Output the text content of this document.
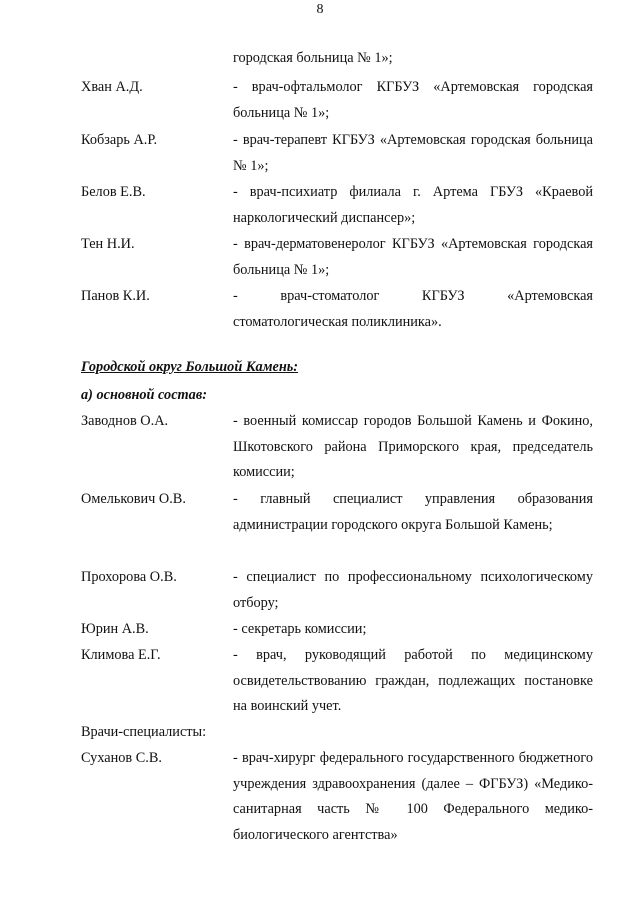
8
городская больница № 1»;
Хван А.Д.	- врач-офтальмолог КГБУЗ «Артемовская городская больница № 1»;
Кобзарь А.Р.	- врач-терапевт КГБУЗ «Артемовская городская больница № 1»;
Белов Е.В.	- врач-психиатр филиала г. Артема ГБУЗ «Краевой наркологический диспансер»;
Тен Н.И.	- врач-дерматовенеролог КГБУЗ «Артемовская городская больница № 1»;
Панов К.И.	- врач-стоматолог КГБУЗ «Артемовская стоматологическая поликлиника».
Городской округ Большой Камень:
а) основной состав:
Заводнов О.А.	- военный комиссар городов Большой Камень и Фокино, Шкотовского района Приморского края, председатель комиссии;
Омелькович О.В.	- главный специалист управления образования администрации городского округа Большой Камень;
Прохорова О.В.	- специалист по профессиональному психологическому отбору;
Юрин А.В.	- секретарь комиссии;
Климова Е.Г.	- врач, руководящий работой по медицинскому освидетельствованию граждан, подлежащих постановке на воинский учет.
Врачи-специалисты:
Суханов С.В.	- врач-хирург федерального государственного бюджетного учреждения здравоохранения (далее – ФГБУЗ) «Медико-санитарная часть № 100 Федерального медико-биологического агентства»
